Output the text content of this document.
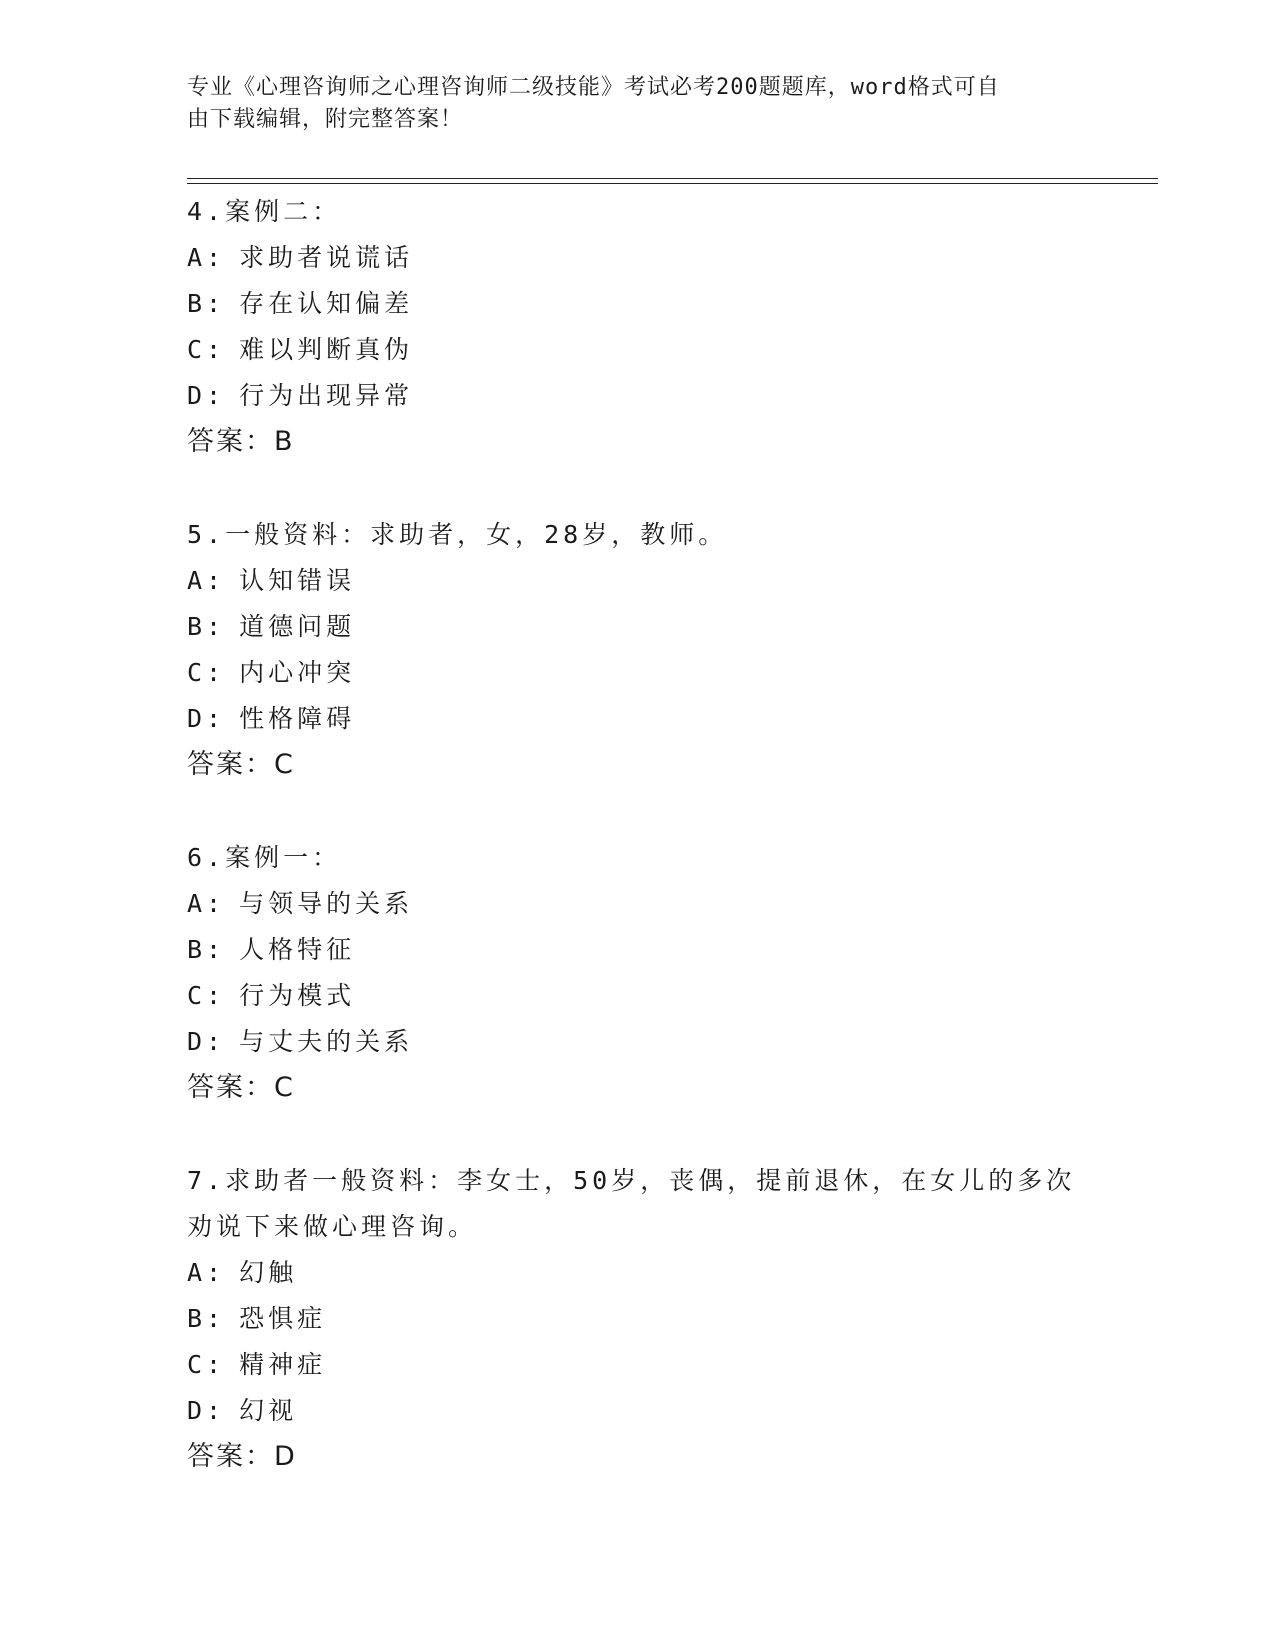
专业《心理咨询师之心理咨询师二级技能》考试必考200题题库，word格式可自
由下载编辑，附完整答案！
4.案例二：
A: 求助者说谎话
B: 存在认知偏差
C: 难以判断真伪
D: 行为出现异常
答案：B
5.一般资料：求助者，女，28岁，教师。
A: 认知错误
B: 道德问题
C: 内心冲突
D: 性格障碍
答案：C
6.案例一：
A: 与领导的关系
B: 人格特征
C: 行为模式
D: 与丈夫的关系
答案：C
7.求助者一般资料：李女士，50岁，丧偶，提前退休，在女儿的多次
劝说下来做心理咨询。
A: 幻触
B: 恐惧症
C: 精神症
D: 幻视
答案：D
